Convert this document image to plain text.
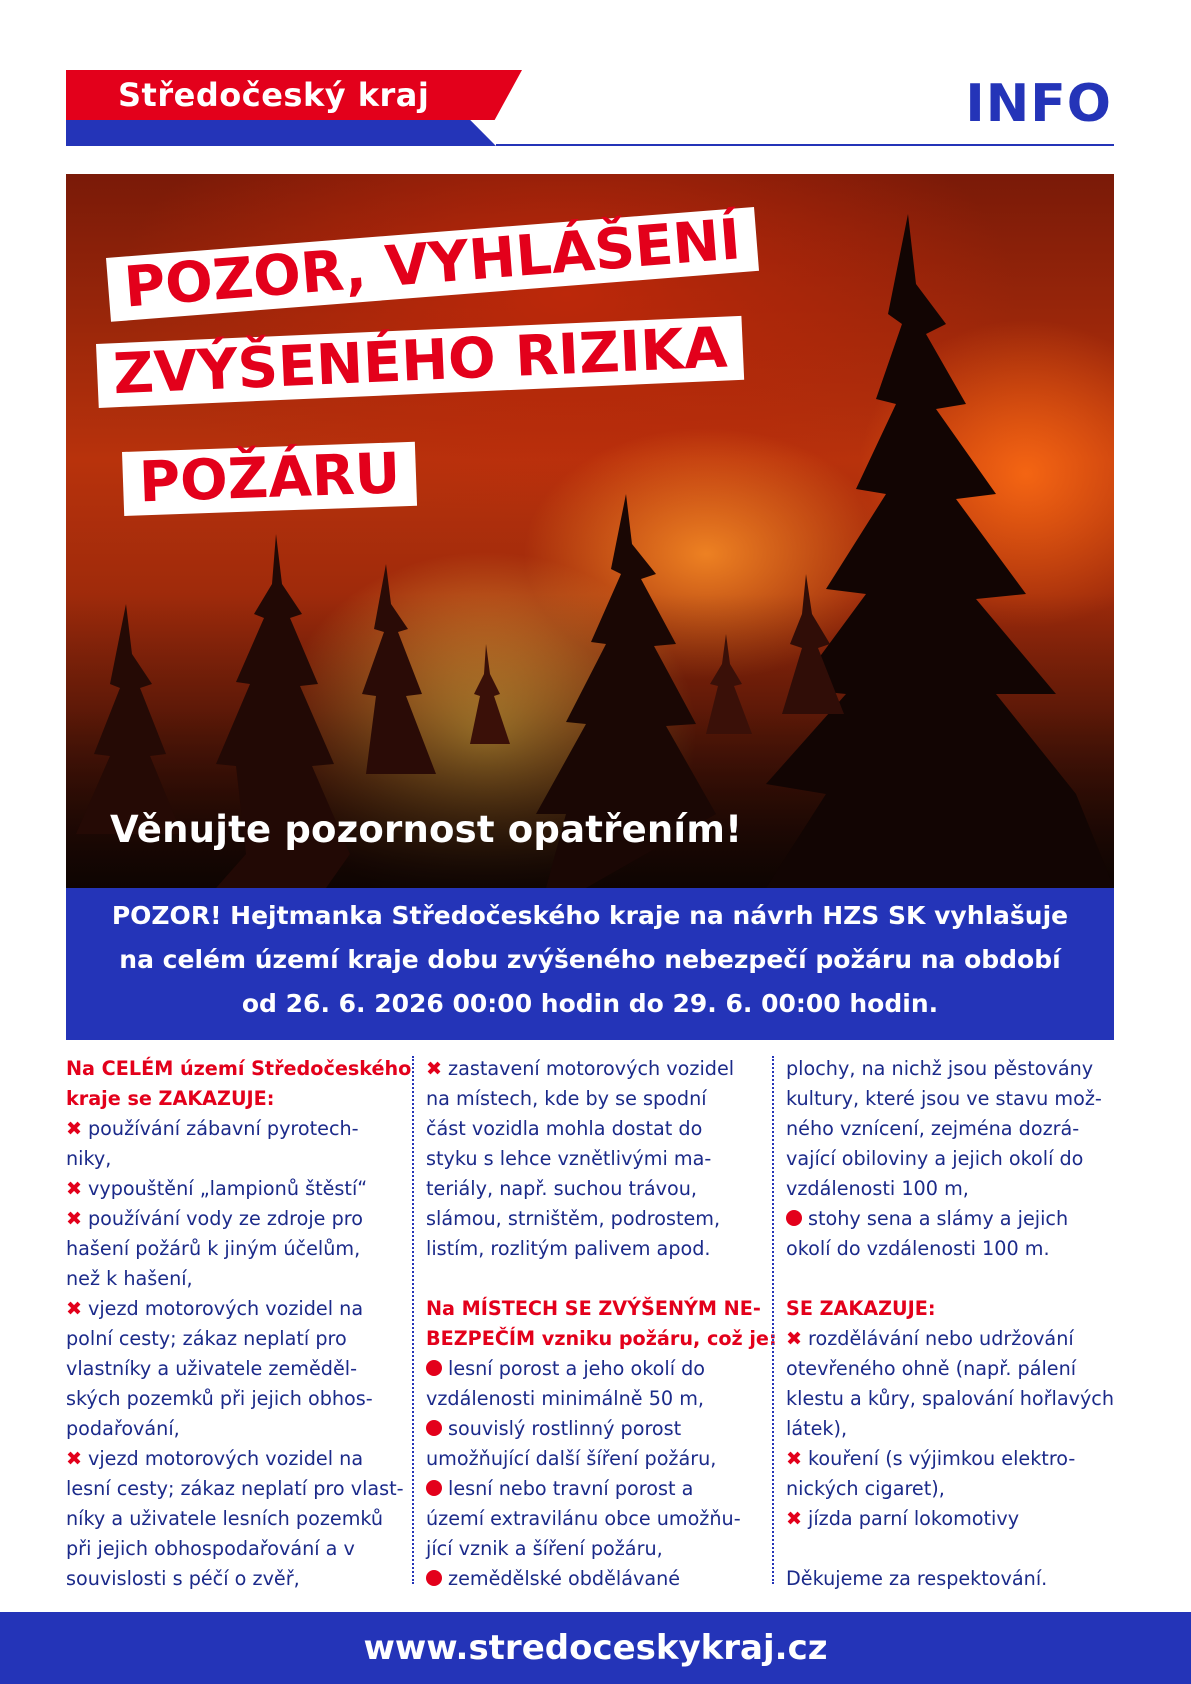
Středočeský kraj	INFO
POZOR, VYHLÁŠENÍ
ZVÝŠENÉHO RIZIKA
POŽÁRU
Věnujte pozornost opatřením!
POZOR! Hejtmanka Středočeského kraje na návrh HZS SK vyhlašuje
na celém území kraje dobu zvýšeného nebezpečí požáru na období
od 26. 6. 2026 00:00 hodin do 29. 6. 00:00 hodin.
Na CELÉM území Středočeského
kraje se ZAKAZUJE:
✖ používání zábavní pyrotech-
niky,
✖ vypouštění „lampionů štěstí“
✖ používání vody ze zdroje pro
hašení požárů k jiným účelům,
než k hašení,
✖ vjezd motorových vozidel na
polní cesty; zákaz neplatí pro
vlastníky a uživatele zeměděl-
ských pozemků při jejich obhos-
podařování,
✖ vjezd motorových vozidel na
lesní cesty; zákaz neplatí pro vlast-
níky a uživatele lesních pozemků
při jejich obhospodařování a v
souvislosti s péčí o zvěř,
✖ zastavení motorových vozidel
na místech, kde by se spodní
část vozidla mohla dostat do
styku s lehce vznětlivými ma-
teriály, např. suchou trávou,
slámou, strništěm, podrostem,
listím, rozlitým palivem apod.
Na MÍSTECH SE ZVÝŠENÝM NE-
BEZPEČÍM vzniku požáru, což je:
lesní porost a jeho okolí do
vzdálenosti minimálně 50 m,
souvislý rostlinný porost
umožňující další šíření požáru,
lesní nebo travní porost a
území extravilánu obce umožňu-
jící vznik a šíření požáru,
zemědělské obdělávané
plochy, na nichž jsou pěstovány
kultury, které jsou ve stavu mož-
ného vznícení, zejména dozrá-
vající obiloviny a jejich okolí do
vzdálenosti 100 m,
stohy sena a slámy a jejich
okolí do vzdálenosti 100 m.
SE ZAKAZUJE:
✖ rozdělávání nebo udržování
otevřeného ohně (např. pálení
klestu a kůry, spalování hořlavých
látek),
✖ kouření (s výjimkou elektro-
nických cigaret),
✖ jízda parní lokomotivy
Děkujeme za respektování.
www.stredoceskykraj.cz
